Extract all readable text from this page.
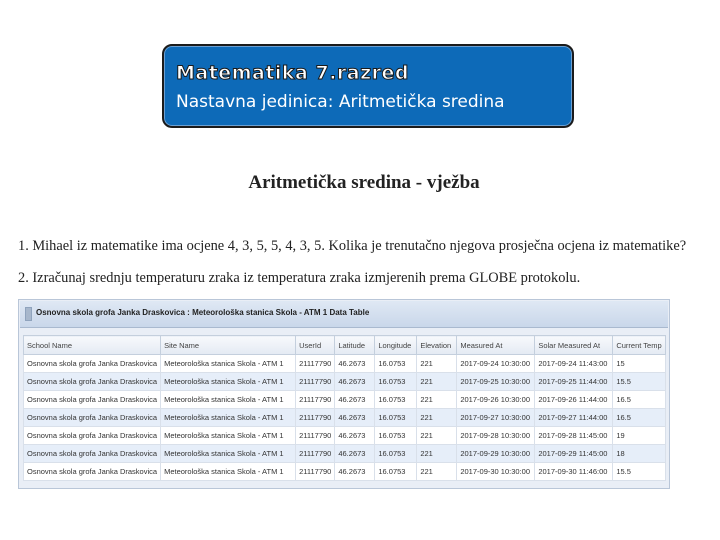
Matematika 7.razred
Nastavna jedinica: Aritmetička sredina
Aritmetička sredina - vježba
1. Mihael iz matematike ima ocjene 4, 3, 5, 5, 4, 3, 5. Kolika je trenutačno njegova prosječna ocjena iz matematike?
2. Izračunaj srednju temperaturu zraka iz temperatura zraka izmjerenih prema GLOBE protokolu.
Osnovna skola grofa Janka Draskovica : Meteorološka stanica Skola - ATM 1 Data Table
School Name	Site Name	UserId	Latitude	Longitude	Elevation	Measured At	Solar Measured At	Current Temp
Osnovna skola grofa Janka Draskovica	Meteorološka stanica Skola - ATM 1	21117790	46.2673	16.0753	221	2017-09-24 10:30:00	2017-09-24 11:43:00	15
Osnovna skola grofa Janka Draskovica	Meteorološka stanica Skola - ATM 1	21117790	46.2673	16.0753	221	2017-09-25 10:30:00	2017-09-25 11:44:00	15.5
Osnovna skola grofa Janka Draskovica	Meteorološka stanica Skola - ATM 1	21117790	46.2673	16.0753	221	2017-09-26 10:30:00	2017-09-26 11:44:00	16.5
Osnovna skola grofa Janka Draskovica	Meteorološka stanica Skola - ATM 1	21117790	46.2673	16.0753	221	2017-09-27 10:30:00	2017-09-27 11:44:00	16.5
Osnovna skola grofa Janka Draskovica	Meteorološka stanica Skola - ATM 1	21117790	46.2673	16.0753	221	2017-09-28 10:30:00	2017-09-28 11:45:00	19
Osnovna skola grofa Janka Draskovica	Meteorološka stanica Skola - ATM 1	21117790	46.2673	16.0753	221	2017-09-29 10:30:00	2017-09-29 11:45:00	18
Osnovna skola grofa Janka Draskovica	Meteorološka stanica Skola - ATM 1	21117790	46.2673	16.0753	221	2017-09-30 10:30:00	2017-09-30 11:46:00	15.5
